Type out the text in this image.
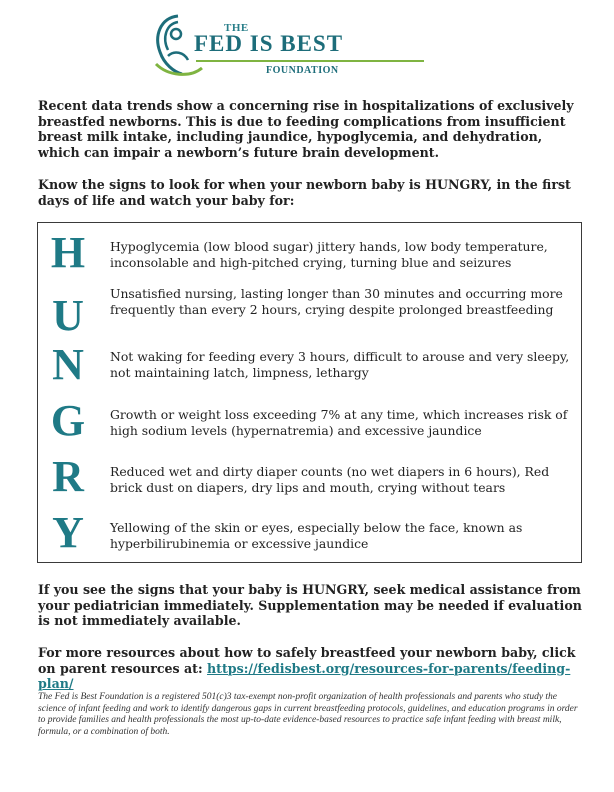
THE
FED IS BEST
FOUNDATION

Recent data trends show a concerning rise in hospitalizations of exclusively breastfed newborns. This is due to feeding complications from insufficient breast milk intake, including jaundice, hypoglycemia, and dehydration, which can impair a newborn’s future brain development.

Know the signs to look for when your newborn baby is HUNGRY, in the first days of life and watch your baby for:

H Hypoglycemia (low blood sugar) jittery hands, low body temperature, inconsolable and high-pitched crying, turning blue and seizures
U	Unsatisfied nursing, lasting longer than 30 minutes and occurring more frequently than every 2 hours, crying despite prolonged breastfeeding
N	Not waking for feeding every 3 hours, difficult to arouse and very sleepy, not maintaining latch, limpness, lethargy
G Growth or weight loss exceeding 7% at any time, which increases risk of high sodium levels (hypernatremia) and excessive jaundice
R	Reduced wet and dirty diaper counts (no wet diapers in 6 hours), Red brick dust on diapers, dry lips and mouth, crying without tears
Y	Yellowing of the skin or eyes, especially below the face, known as hyperbilirubinemia or excessive jaundice

If you see the signs that your baby is HUNGRY, seek medical assistance from your pediatrician immediately. Supplementation may be needed if evaluation is not immediately available.

For more resources about how to safely breastfeed your newborn baby, click on parent resources at: https://fedisbest.org/resources-for-parents/feeding-plan/

The Fed is Best Foundation is a registered 501(c)3 tax-exempt non-profit organization of health professionals and parents who study the science of infant feeding and work to identify dangerous gaps in current breastfeeding protocols, guidelines, and education programs in order to provide families and health professionals the most up-to-date evidence-based resources to practice safe infant feeding with breast milk, formula, or a combination of both.
